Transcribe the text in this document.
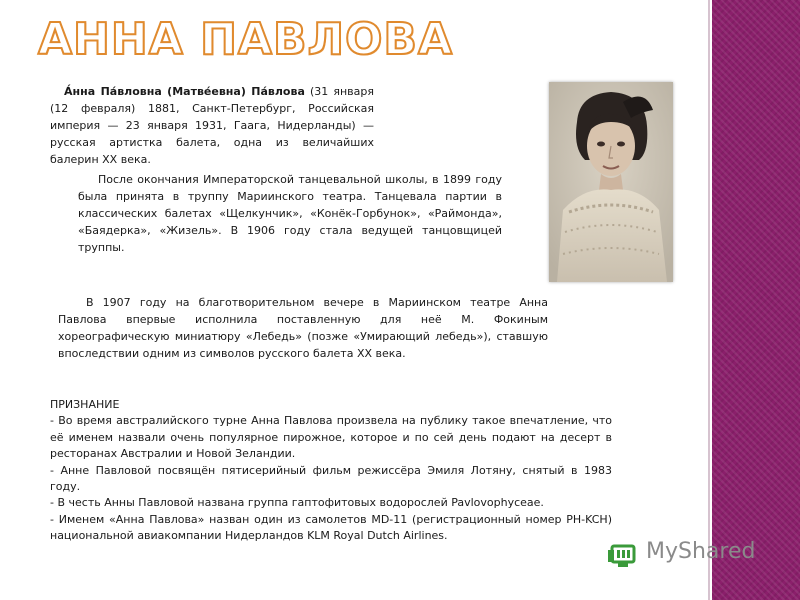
АННА ПАВЛОВА

А́нна Па́вловна (Матве́евна) Па́влова (31 января (12 февраля) 1881, Санкт-Петербург, Российская империя — 23 января 1931, Гаага, Нидерланды) — русская артистка балета, одна из величайших балерин XX века.

После окончания Императорской танцевальной школы, в 1899 году была принята в труппу Мариинского театра. Танцевала партии в классических балетах «Щелкунчик», «Конёк-Горбунок», «Раймонда», «Баядерка», «Жизель». В 1906 году стала ведущей танцовщицей труппы.

В 1907 году на благотворительном вечере в Мариинском театре Анна Павлова впервые исполнила поставленную для неё М. Фокиным хореографическую миниатюру «Лебедь» (позже «Умирающий лебедь»), ставшую впоследствии одним из символов русского балета XX века.

ПРИЗНАНИЕ
- Во время австралийского турне Анна Павлова произвела на публику такое впечатление, что её именем назвали очень популярное пирожное, которое и по сей день подают на десерт в ресторанах Австралии и Новой Зеландии.
- Анне Павловой посвящён пятисерийный фильм режиссёра Эмиля Лотяну, снятый в 1983 году.
- В честь Анны Павловой названа группа гаптофитовых водорослей Pavlovophyceae.
- Именем «Анна Павлова» назван один из самолетов MD-11 (регистрационный номер PH-KCH) национальной авиакомпании Нидерландов KLM Royal Dutch Airlines.
MyShared
